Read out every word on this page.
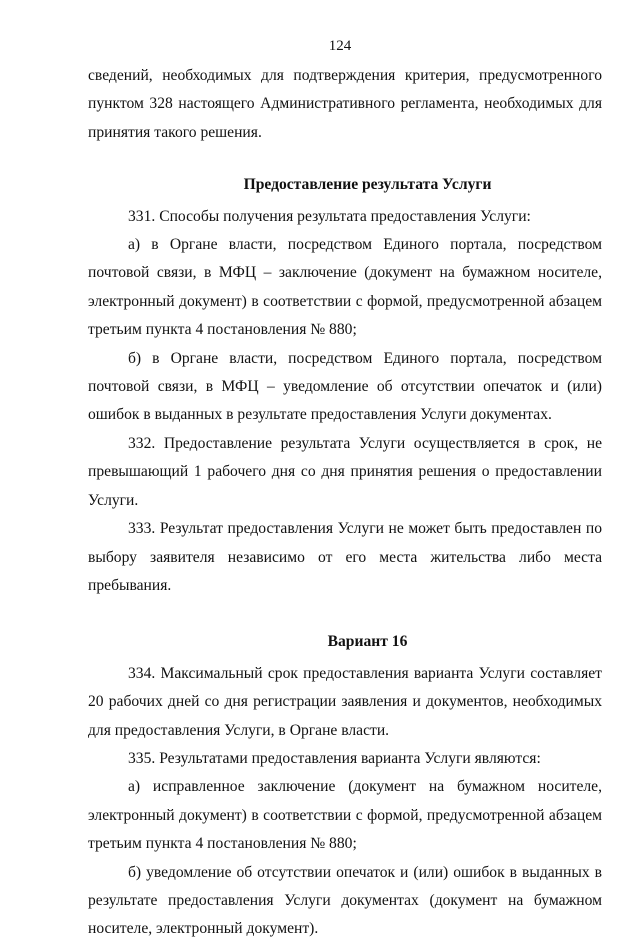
124

сведений, необходимых для подтверждения критерия, предусмотренного пунктом 328 настоящего Административного регламента, необходимых для принятия такого решения.

Предоставление результата Услуги

331. Способы получения результата предоставления Услуги:

а) в Органе власти, посредством Единого портала, посредством почтовой связи, в МФЦ – заключение (документ на бумажном носителе, электронный документ) в соответствии с формой, предусмотренной абзацем третьим пункта 4 постановления № 880;

б) в Органе власти, посредством Единого портала, посредством почтовой связи, в МФЦ – уведомление об отсутствии опечаток и (или) ошибок в выданных в результате предоставления Услуги документах.

332. Предоставление результата Услуги осуществляется в срок, не превышающий 1 рабочего дня со дня принятия решения о предоставлении Услуги.

333. Результат предоставления Услуги не может быть предоставлен по выбору заявителя независимо от его места жительства либо места пребывания.

Вариант 16

334. Максимальный срок предоставления варианта Услуги составляет 20 рабочих дней со дня регистрации заявления и документов, необходимых для предоставления Услуги, в Органе власти.

335. Результатами предоставления варианта Услуги являются:

а) исправленное заключение (документ на бумажном носителе, электронный документ) в соответствии с формой, предусмотренной абзацем третьим пункта 4 постановления № 880;

б) уведомление об отсутствии опечаток и (или) ошибок в выданных в результате предоставления Услуги документах (документ на бумажном носителе, электронный документ).
